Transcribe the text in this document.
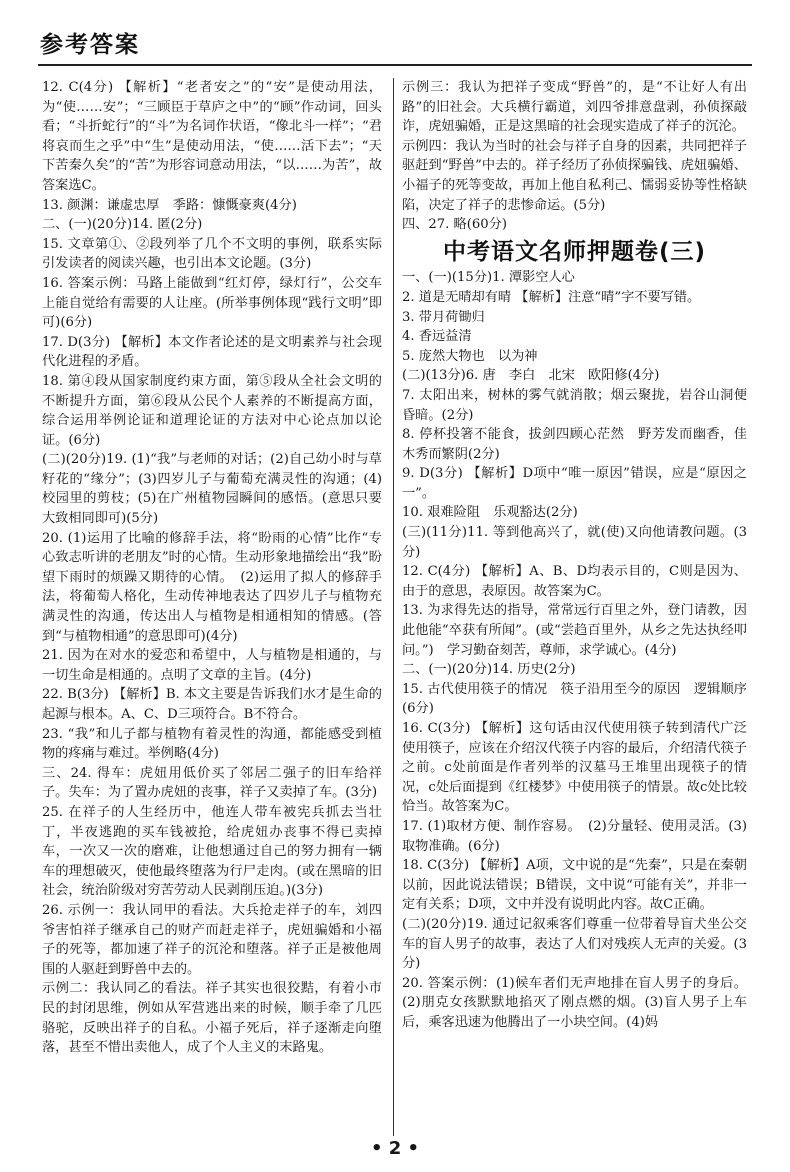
参考答案

12. C(4分) 【解析】“老者安之”的“安”是使动用法，为“使……安”；“三顾臣于草庐之中”的“顾”作动词，回头看；“斗折蛇行”的“斗”为名词作状语，“像北斗一样”；“君将哀而生之乎”中“生”是使动用法，“使……活下去”；“天下苦秦久矣”的“苦”为形容词意动用法，“以……为苦”，故答案选C。

13. 颜渊：谦虚忠厚　季路：慷慨豪爽(4分)

二、(一)(20分)14. 匿(2分)

15. 文章第①、②段列举了几个不文明的事例，联系实际引发读者的阅读兴趣，也引出本文论题。(3分)

16. 答案示例：马路上能做到“红灯停，绿灯行”，公交车上能自觉给有需要的人让座。(所举事例体现“践行文明”即可)(6分)

17. D(3分) 【解析】本文作者论述的是文明素养与社会现代化进程的矛盾。

18. 第④段从国家制度约束方面，第⑤段从全社会文明的不断提升方面，第⑥段从公民个人素养的不断提高方面，综合运用举例论证和道理论证的方法对中心论点加以论证。(6分)

(二)(20分)19. (1)“我”与老师的对话；(2)自己幼小时与草籽花的“缘分”；(3)四岁儿子与葡萄充满灵性的沟通；(4)校园里的剪枝；(5)在广州植物园瞬间的感悟。(意思只要大致相同即可)(5分)

20. (1)运用了比喻的修辞手法，将“盼雨的心情”比作“专心致志听讲的老朋友”时的心情。生动形象地描绘出“我”盼望下雨时的烦躁又期待的心情。　(2)运用了拟人的修辞手法，将葡萄人格化，生动传神地表达了四岁儿子与植物充满灵性的沟通，传达出人与植物是相通相知的情感。(答到“与植物相通”的意思即可)(4分)

21. 因为在对水的爱恋和希望中，人与植物是相通的，与一切生命是相通的。点明了文章的主旨。(4分)

22. B(3分) 【解析】B. 本文主要是告诉我们水才是生命的起源与根本。A、C、D三项符合。B不符合。

23. “我”和儿子都与植物有着灵性的沟通，都能感受到植物的疼痛与难过。举例略(4分)

三、24. 得车：虎妞用低价买了邻居二强子的旧车给祥子。失车：为了置办虎妞的丧事，祥子又卖掉了车。(3分)

25. 在祥子的人生经历中，他连人带车被宪兵抓去当壮丁，半夜逃跑的买车钱被抢，给虎妞办丧事不得已卖掉车，一次又一次的磨难，让他想通过自己的努力拥有一辆车的理想破灭，使他最终堕落为行尸走肉。(或在黑暗的旧社会，统治阶级对穷苦劳动人民剥削压迫。)(3分)

26. 示例一：我认同甲的看法。大兵抢走祥子的车，刘四爷害怕祥子继承自己的财产而赶走祥子，虎妞骗婚和小福子的死等，都加速了祥子的沉沦和堕落。祥子正是被他周围的人驱赶到野兽中去的。

示例二：我认同乙的看法。祥子其实也很狡黠，有着小市民的封闭思维，例如从军营逃出来的时候，顺手牵了几匹骆驼，反映出祥子的自私。小福子死后，祥子逐渐走向堕落，甚至不惜出卖他人，成了个人主义的末路鬼。

示例三：我认为把祥子变成“野兽”的，是“不让好人有出路”的旧社会。大兵横行霸道，刘四爷排意盘剥，孙侦探敲诈，虎妞骗婚，正是这黑暗的社会现实造成了祥子的沉沦。

示例四：我认为当时的社会与祥子自身的因素，共同把祥子驱赶到“野兽”中去的。祥子经历了孙侦探骗钱、虎妞骗婚、小福子的死等变故，再加上他自私利己、懦弱妥协等性格缺陷，决定了祥子的悲惨命运。(5分)

四、27. 略(60分)

中考语文名师押题卷(三)

一、(一)(15分)1. 潭影空人心

2. 道是无晴却有晴 【解析】注意“晴”字不要写错。

3. 带月荷锄归

4. 香远益清

5. 庞然大物也　以为神

(二)(13分)6. 唐　李白　北宋　欧阳修(4分)

7. 太阳出来，树林的雾气就消散；烟云聚拢，岩谷山洞便昏暗。(2分)

8. 停杯投箸不能食，拔剑四顾心茫然　野芳发而幽香，佳木秀而繁阴(2分)

9. D(3分) 【解析】D项中“唯一原因”错误，应是“原因之一”。

10. 艰难险阻　乐观豁达(2分)

(三)(11分)11. 等到他高兴了，就(使)又向他请教问题。(3分)

12. C(4分) 【解析】A、B、D均表示目的，C则是因为、由于的意思，表原因。故答案为C。

13. 为求得先达的指导，常常远行百里之外，登门请教，因此他能“卒获有所闻”。(或“尝趋百里外，从乡之先达执经叩问。”)　学习勤奋刻苦，尊师，求学诚心。(4分)

二、(一)(20分)14. 历史(2分)

15. 古代使用筷子的情况　筷子沿用至今的原因　逻辑顺序(6分)

16. C(3分) 【解析】这句话由汉代使用筷子转到清代广泛使用筷子，应该在介绍汉代筷子内容的最后，介绍清代筷子之前。c处前面是作者列举的汉墓马王堆里出现筷子的情况，c处后面提到《红楼梦》中使用筷子的情景。故c处比较恰当。故答案为C。

17. (1)取材方便、制作容易。　(2)分量轻、使用灵活。(3)取物准确。(6分)

18. C(3分) 【解析】A项，文中说的是“先秦”，只是在秦朝以前，因此说法错误；B错误，文中说“可能有关”，并非一定有关系；D项，文中并没有说明此内容。故C正确。

(二)(20分)19. 通过记叙乘客们尊重一位带着导盲犬坐公交车的盲人男子的故事，表达了人们对残疾人无声的关爱。(3分)

20. 答案示例：(1)候车者们无声地排在盲人男子的身后。(2)朋克女孩默默地掐灭了刚点燃的烟。(3)盲人男子上车后，乘客迅速为他腾出了一小块空间。(4)妈

• 2 •
